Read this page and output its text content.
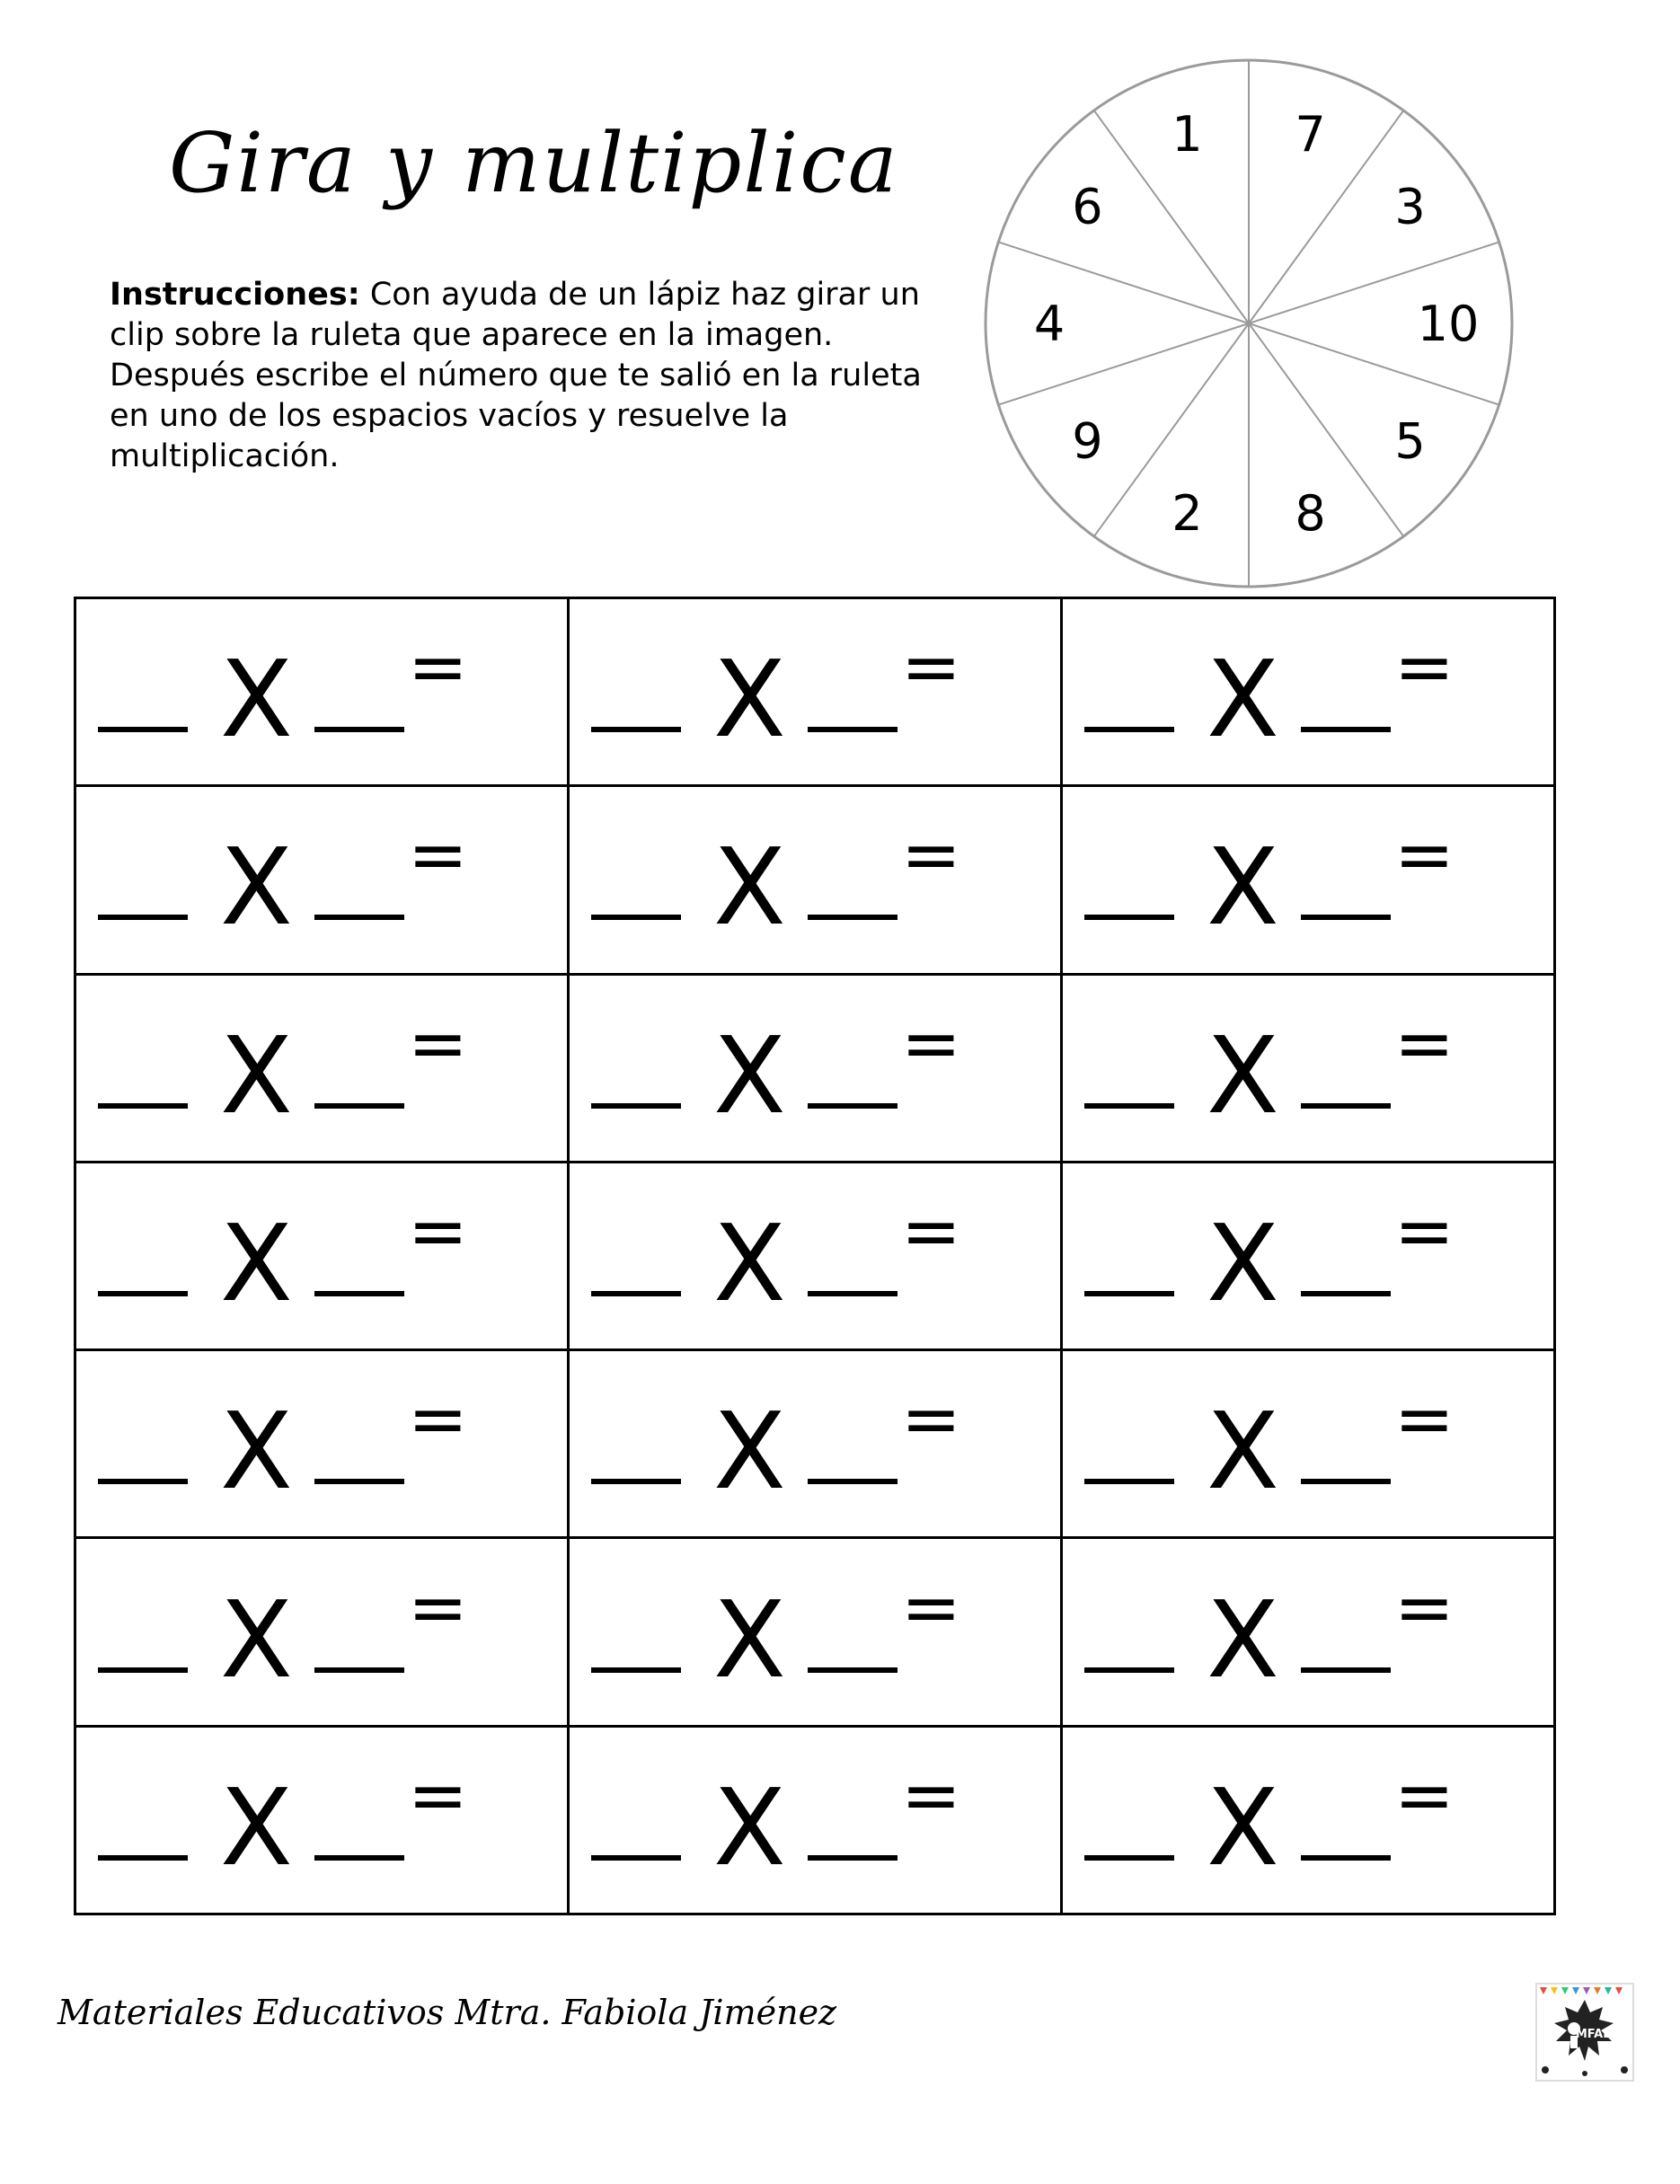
Gira y multiplica

Instrucciones: Con ayuda de un lápiz haz girar un clip sobre la ruleta que aparece en la imagen. Después escribe el número que te salió en la ruleta en uno de los espacios vacíos y resuelve la multiplicación.

1 7
3
10
5
8
2
9
4
6
X =	X =	X =

X =	X =	X =

X =	X =	X =

X =	X =	X =

X =	X =	X =

X =	X =	X =

X =	X =	X =

Materiales Educativos Mtra. Fabiola Jiménez

MFAB
